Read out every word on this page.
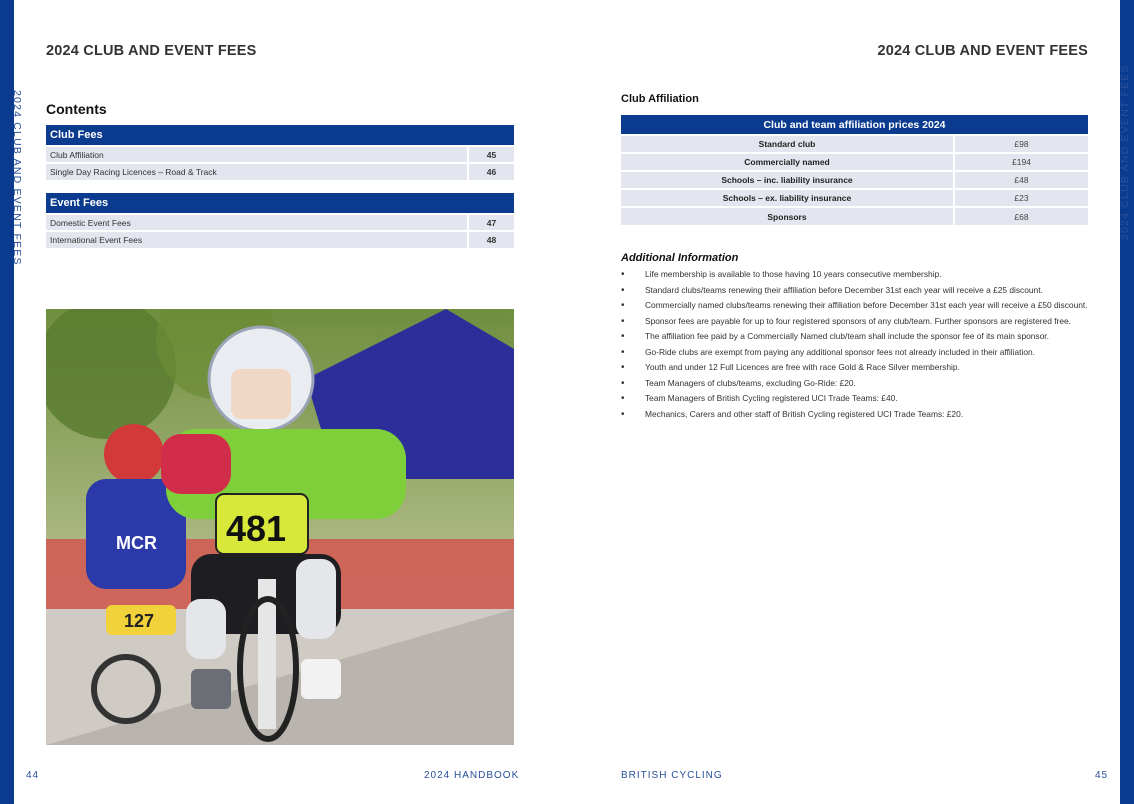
2024 CLUB AND EVENT FEES	2024 CLUB AND EVENT FEES
2024 CLUB AND EVENT FEES	2024 CLUB AND EVENT FEES
Contents
Club Fees	
Club Affiliation	45
Single Day Racing Licences – Road & Track	46
Event Fees	
Domestic Event Fees	47
International Event Fees	48
MCR
127
481
44	2024 HANDBOOK
Club Affiliation
Club and team affiliation prices 2024	
Standard club	£98
Commercially named	£194
Schools – inc. liability insurance	£48
Schools – ex. liability insurance	£23
Sponsors	£68
Additional Information
• Life membership is available to those having 10 years consecutive membership.
• Standard clubs/teams renewing their affiliation before December 31st each year will receive a £25 discount.
• Commercially named clubs/teams renewing their affiliation before December 31st each year will receive a £50 discount.
• Sponsor fees are payable for up to four registered sponsors of any club/team. Further sponsors are registered free.
• The affiliation fee paid by a Commercially Named club/team shall include the sponsor fee of its main sponsor.
• Go-Ride clubs are exempt from paying any additional sponsor fees not already included in their affiliation.
• Youth and under 12 Full Licences are free with race Gold & Race Silver membership.
• Team Managers of clubs/teams, excluding Go-Ride: £20.
• Team Managers of British Cycling registered UCI Trade Teams: £40.
• Mechanics, Carers and other staff of British Cycling registered UCI Trade Teams: £20.
BRITISH CYCLING	45
